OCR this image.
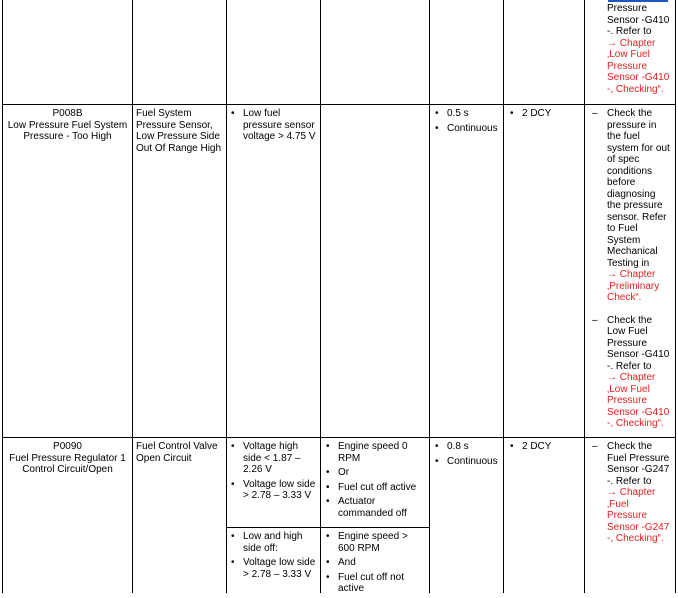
Pressure
Sensor -G410
-. Refer to
→ Chapter
‚Low Fuel
Pressure
Sensor -G410
-, Checking“.
P008B
Low Pressure Fuel System
Pressure - Too High
Fuel System
Pressure Sensor,
Low Pressure Side
Out Of Range High
• Low fuel pressure sensor voltage > 4.75 V
• 0.5 s
• Continuous
• 2 DCY	– Check the
pressure in
the fuel
system for out
of spec
conditions
before
diagnosing
the pressure
sensor. Refer
to Fuel
System
Mechanical
Testing in
→ Chapter
‚Preliminary
Check“.
– Check the
Low Fuel
Pressure
Sensor -G410
-. Refer to
→ Chapter
‚Low Fuel
Pressure
Sensor -G410
-, Checking“.
P0090
Fuel Pressure Regulator 1
Control Circuit/Open
Fuel Control Valve
Open Circuit
• Voltage high side < 1.87 – 2.26 V
• Voltage low side > 2.78 – 3.33 V
• Engine speed 0 RPM
• Or
• Fuel cut off active
• Actuator commanded off
• Low and high side off:
• Voltage low side > 2.78 – 3.33 V
• Engine speed > 600 RPM
• And
• Fuel cut off not active
• 0.8 s
• Continuous
• 2 DCY	– Check the
Fuel Pressure
Sensor -G247
-. Refer to
→ Chapter
‚Fuel
Pressure
Sensor -G247
-, Checking“.
